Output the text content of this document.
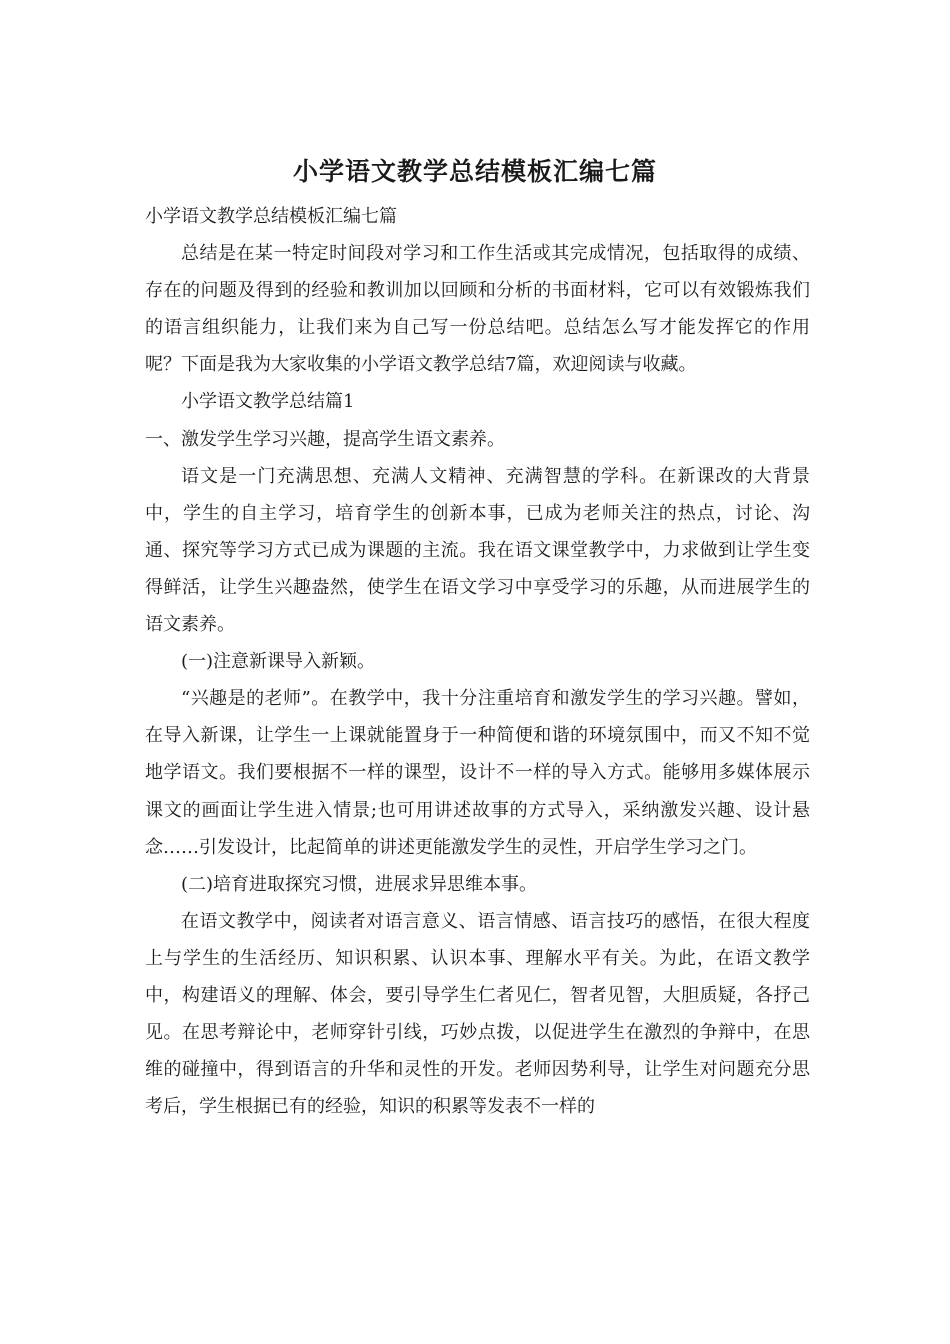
小学语文教学总结模板汇编七篇

小学语文教学总结模板汇编七篇

总结是在某一特定时间段对学习和工作生活或其完成情况，包括取得的成绩、存在的问题及得到的经验和教训加以回顾和分析的书面材料，它可以有效锻炼我们的语言组织能力，让我们来为自己写一份总结吧。总结怎么写才能发挥它的作用呢？下面是我为大家收集的小学语文教学总结7篇，欢迎阅读与收藏。

小学语文教学总结篇1

一、激发学生学习兴趣，提高学生语文素养。

语文是一门充满思想、充满人文精神、充满智慧的学科。在新课改的大背景中，学生的自主学习，培育学生的创新本事，已成为老师关注的热点，讨论、沟通、探究等学习方式已成为课题的主流。我在语文课堂教学中，力求做到让学生变得鲜活，让学生兴趣盎然，使学生在语文学习中享受学习的乐趣，从而进展学生的语文素养。

(一)注意新课导入新颖。

“兴趣是的老师”。在教学中，我十分注重培育和激发学生的学习兴趣。譬如，在导入新课，让学生一上课就能置身于一种简便和谐的环境氛围中，而又不知不觉地学语文。我们要根据不一样的课型，设计不一样的导入方式。能够用多媒体展示课文的画面让学生进入情景;也可用讲述故事的方式导入，采纳激发兴趣、设计悬念……引发设计，比起简单的讲述更能激发学生的灵性，开启学生学习之门。

(二)培育进取探究习惯，进展求异思维本事。

在语文教学中，阅读者对语言意义、语言情感、语言技巧的感悟，在很大程度上与学生的生活经历、知识积累、认识本事、理解水平有关。为此，在语文教学中，构建语义的理解、体会，要引导学生仁者见仁，智者见智，大胆质疑，各抒己见。在思考辩论中，老师穿针引线，巧妙点拨，以促进学生在激烈的争辩中，在思维的碰撞中，得到语言的升华和灵性的开发。老师因势利导，让学生对问题充分思考后，学生根据已有的经验，知识的积累等发表不一样的
